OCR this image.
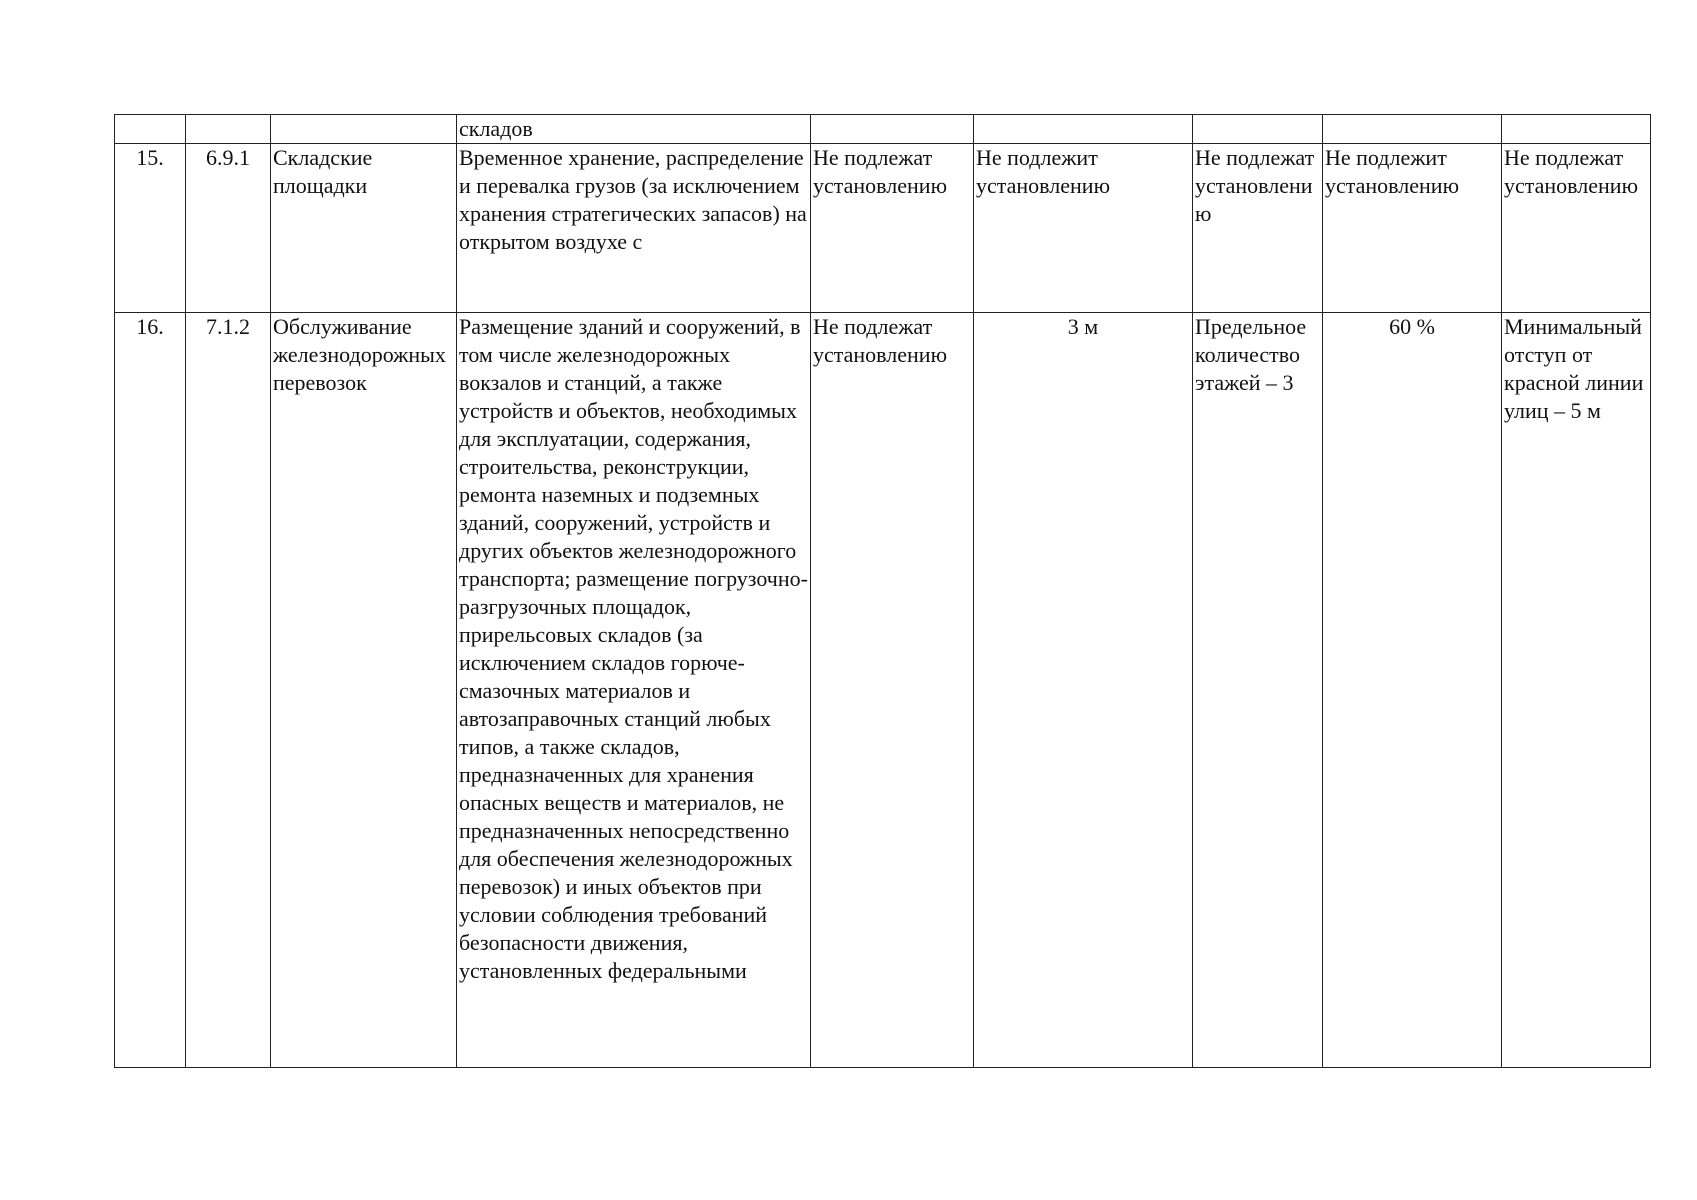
			складов					
15.	6.9.1	Складские площадки	Временное хранение, распределение и перевалка грузов (за исключением хранения стратегических запасов) на открытом воздухе с	Не подлежат установлению	Не подлежит установлению	Не подлежат установлению	Не подлежит установлению	Не подлежат установлению
16.	7.1.2	Обслуживание железнодорожных перевозок	Размещение зданий и сооружений, в том числе железнодорожных вокзалов и станций, а также устройств и объектов, необходимых для эксплуатации, содержания, строительства, реконструкции, ремонта наземных и подземных зданий, сооружений, устройств и других объектов железнодорожного транспорта; размещение погрузочно-разгрузочных площадок, прирельсовых складов (за исключением складов горюче-смазочных материалов и автозаправочных станций любых типов, а также складов, предназначенных для хранения опасных веществ и материалов, не предназначенных непосредственно для обеспечения железнодорожных перевозок) и иных объектов при условии соблюдения требований безопасности движения, установленных федеральными	Не подлежат установлению	3 м	Предельное количество этажей – 3	60 %	Минимальный отступ от красной линии улиц – 5 м
